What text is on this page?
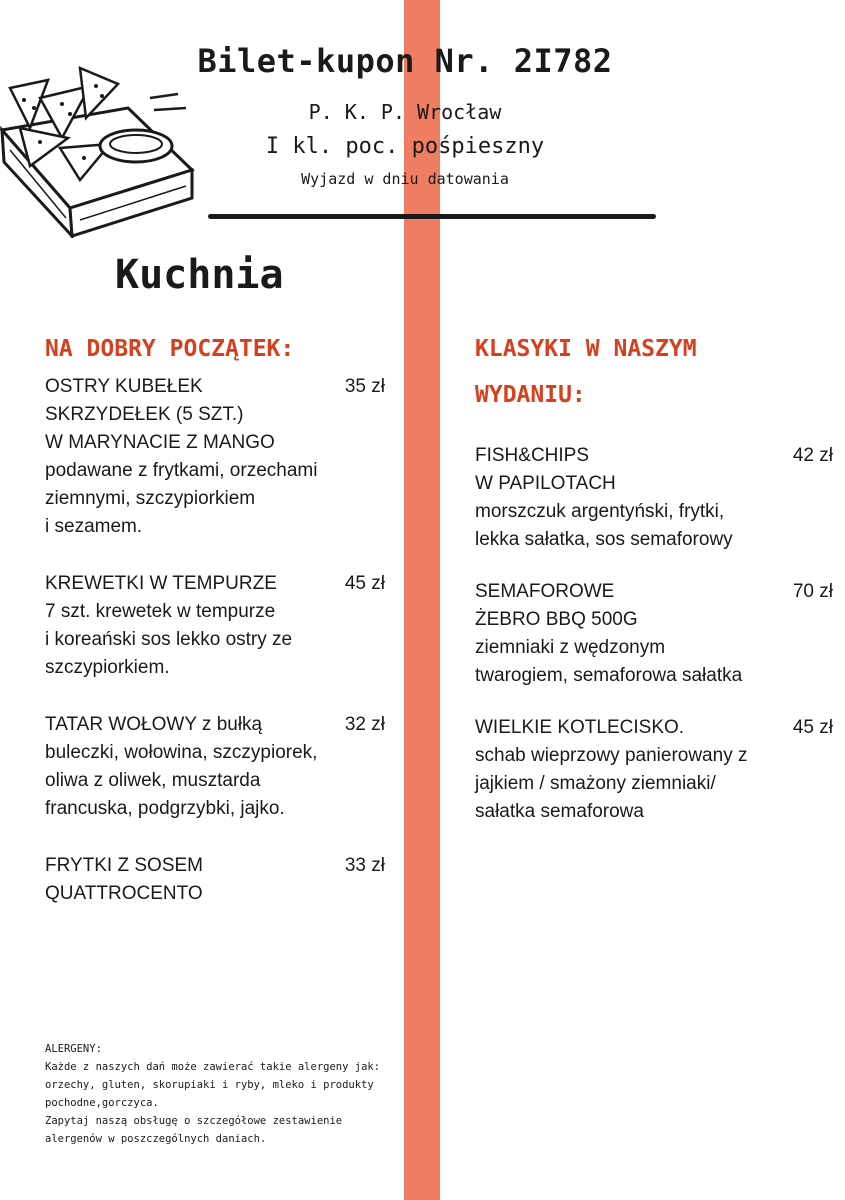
Bilet-kupon Nr. 2I782
P. K. P. Wrocław
I kl. poc. pośpieszny
Wyjazd w dniu datowania
Kuchnia
NA DOBRY POCZĄTEK:
OSTRY KUBEŁEK
SKRZYDEŁEK (5 SZT.)
W MARYNACIE Z MANGO
35 zł
podawane z frytkami, orzechami
ziemnymi, szczypiorkiem
i sezamem.
KREWETKI W TEMPURZE	45 zł
7 szt. krewetek w tempurze
i koreański sos lekko ostry ze
szczypiorkiem.
TATAR WOŁOWY z bułką	32 zł
buleczki, wołowina, szczypiorek,
oliwa z oliwek, musztarda
francuska, podgrzybki, jajko.
FRYTKI Z SOSEM
QUATTROCENTO
33 zł
KLASYKI W NASZYM
WYDANIU:
FISH&CHIPS
W PAPILOTACH
42 zł
morszczuk argentyński, frytki,
lekka sałatka, sos semaforowy
SEMAFOROWE
ŻEBRO BBQ 500G
70 zł
ziemniaki z wędzonym
twarogiem, semaforowa sałatka
WIELKIE KOTLECISKO.	45 zł
schab wieprzowy panierowany z
jajkiem / smażony ziemniaki/
sałatka semaforowa
ALERGENY:
Każde z naszych dań może zawierać takie alergeny jak:
orzechy, gluten, skorupiaki i ryby, mleko i produkty
pochodne,gorczyca.
Zapytaj naszą obsługę o szczegółowe zestawienie
alergenów w poszczególnych daniach.
